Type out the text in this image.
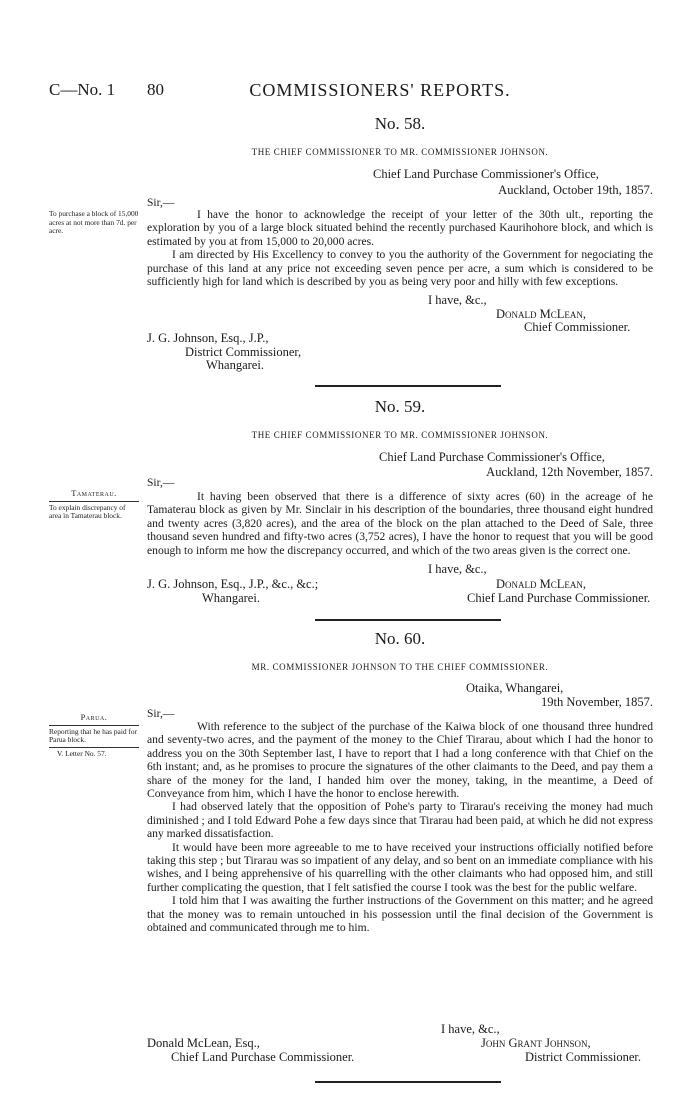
C—No. 1 80	COMMISSIONERS' REPORTS.
No. 58.
THE CHIEF COMMISSIONER TO MR. COMMISSIONER JOHNSON.
Chief Land Purchase Commissioner's Office,
Auckland, October 19th, 1857.
Sir,—
To purchase a block of 15,000 acres at not more than 7d. per acre.

I have the honor to acknowledge the receipt of your letter of the 30th ult., reporting the exploration by you of a large block situated behind the recently purchased Kaurihohore block, and which is estimated by you at from 15,000 to 20,000 acres.

I am directed by His Excellency to convey to you the authority of the Government for negociating the purchase of this land at any price not exceeding seven pence per acre, a sum which is considered to be sufficiently high for land which is described by you as being very poor and hilly with few exceptions.

I have, &c.,
Donald McLean,
Chief Commissioner.
J. G. Johnson, Esq., J.P.,
District Commissioner,
Whangarei.
No. 59.
THE CHIEF COMMISSIONER TO MR. COMMISSIONER JOHNSON.
Chief Land Purchase Commissioner's Office,
Auckland, 12th November, 1857.
Sir,—
Tamaterau.
To explain discrepancy of area in Tamaterau block.

It having been observed that there is a difference of sixty acres (60) in the acreage of he Tamaterau block as given by Mr. Sinclair in his description of the boundaries, three thousand eight hundred and twenty acres (3,820 acres), and the area of the block on the plan attached to the Deed of Sale, three thousand seven hundred and fifty-two acres (3,752 acres), I have the honor to request that you will be good enough to inform me how the discrepancy occurred, and which of the two areas given is the correct one.

I have, &c.,
J. G. Johnson, Esq., J.P., &c., &c.;
Whangarei.
Donald McLean,
Chief Land Purchase Commissioner.
No. 60.
MR. COMMISSIONER JOHNSON TO THE CHIEF COMMISSIONER.
Otaika, Whangarei,
19th November, 1857.
Sir,—
Parua.
Reporting that he has paid for Parua block.
V. Letter No. 57.

With reference to the subject of the purchase of the Kaiwa block of one thousand three hundred and seventy-two acres, and the payment of the money to the Chief Tirarau, about which I had the honor to address you on the 30th September last, I have to report that I had a long conference with that Chief on the 6th instant; and, as he promises to procure the signatures of the other claimants to the Deed, and pay them a share of the money for the land, I handed him over the money, taking, in the meantime, a Deed of Conveyance from him, which I have the honor to enclose herewith.

I had observed lately that the opposition of Pohe's party to Tirarau's receiving the money had much diminished ; and I told Edward Pohe a few days since that Tirarau had been paid, at which he did not express any marked dissatisfaction.

It would have been more agreeable to me to have received your instructions officially notified before taking this step ; but Tirarau was so impatient of any delay, and so bent on an immediate compliance with his wishes, and I being apprehensive of his quarrelling with the other claimants who had opposed him, and still further complicating the question, that I felt satisfied the course I took was the best for the public welfare.

I told him that I was awaiting the further instructions of the Government on this matter; and he agreed that the money was to remain untouched in his possession until the final decision of the Government is obtained and communicated through me to him.

I have, &c.,
Donald McLean, Esq.,
Chief Land Purchase Commissioner.
John Grant Johnson,
District Commissioner.
